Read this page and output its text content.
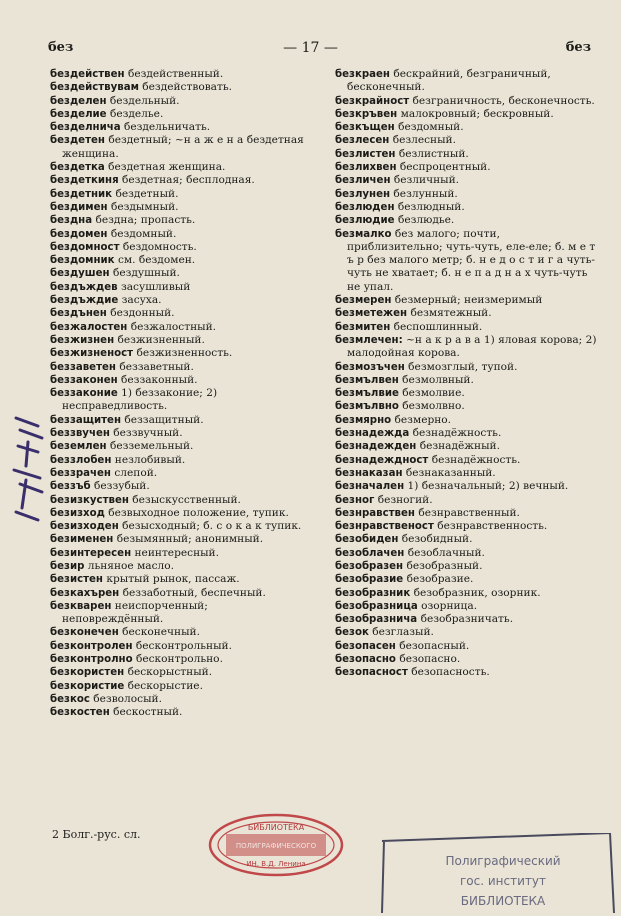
без	— 17 —	без

бездействен бездейственный.

бездействувам бездействовать.

безделен бездельный.

безделие безделье.

безделнича бездельничать.

бездетен бездетный; ~н а ж е н а бездетная женщина.

бездетка бездетная женщина.

бездеткиня бездетная; бесплодная.

бездетник бездетный.

бездимен бездымный.

бездна бездна; пропасть.

бездомен бездомный.

бездомност бездомность.

бездомник см. бездомен.

бездушен бездушный.

бездъждев засушливый

бездъждие засуха.

бездънен бездонный.

безжалостен безжалостный.

безжизнен безжизненный.

безжизненост безжизненность.

беззавeтен беззаветный.

беззаконен беззаконный.

беззаконие 1) беззаконие; 2) несправедливость.

беззащитен беззащитный.

беззвучен беззвучный.

беземлен безземельный.

беззлобен незлобивый.

беззрачен слепой.

беззъб беззубый.

безизкуствен безыскусственный.

безизход безвыходное положение, тупик.

безизходен безысходный; б. с о к а к тупик.

безименен безымянный; анонимный.

безинтересен неинтересный.

безир льняное масло.

безистен крытый рынок, пассаж.

безкахърен беззаботный, беспечный.

безкварен неиспорченный; неповреждённый.

безконечен бесконечный.

безконтролен бесконтрольный.

безконтролно бесконтрольно.

безкористен бескорыстный.

безкористие бескорыстие.

безкос безволосый.

безкостен бескостный.

безкраен бескрайний, безграничный, бесконечный.

безкрайност безграничность, бесконечность.

безкръвен малокровный; бескровный.

безкъщен бездомный.

безлесен безлесный.

безлистен безлистный.

безлихвен беспроцентный.

безличен безличный.

безлунен безлунный.

безлюден безлюдный.

безлюдие безлюдье.

безмалко без малого; почти, приблизительно; чуть-чуть, еле-еле; б. м е т ъ р без малого метр; б. н е д о с т и г а чуть-чуть не хватает; б. н е п а д н а х чуть-чуть не упал.

безмерен безмерный; неизмеримый

безметежен безмятежный.

безмитен беспошлинный.

безмлечен: ~н а к р а в а 1) яловая корова; 2) малодойная корова.

безмозъчен безмозглый, тупой.

безмълвен безмолвный.

безмълвие безмолвие.

безмълвно безмолвно.

безмярно безмерно.

безнадежда безнадёжность.

безнадежден безнадёжный.

безнадеждност безнадёжность.

безнаказан безнаказанный.

безначален 1) безначальный; 2) вечный.

безног безногий.

безнравствен безнравственный.

безнравственост безнравственность.

безобиден безобидный.

безоблачен безоблачный.

безобразен безобразный.

безобразие безобразие.

безобразник безобразник, озорник.

безобразница озорница.

безобразнича безобразничать.

безок безглазый.

безопасен безопасный.

безопасно безопасно.

безопасност безопасность.

2 Болг.-рус. сл.
БИБЛИОТЕКА
ПОЛИГРАФИЧЕСКОГО
ИН. В.Д. Ленина	Полиграфический
гос. институт
БИБЛИОТЕКА
